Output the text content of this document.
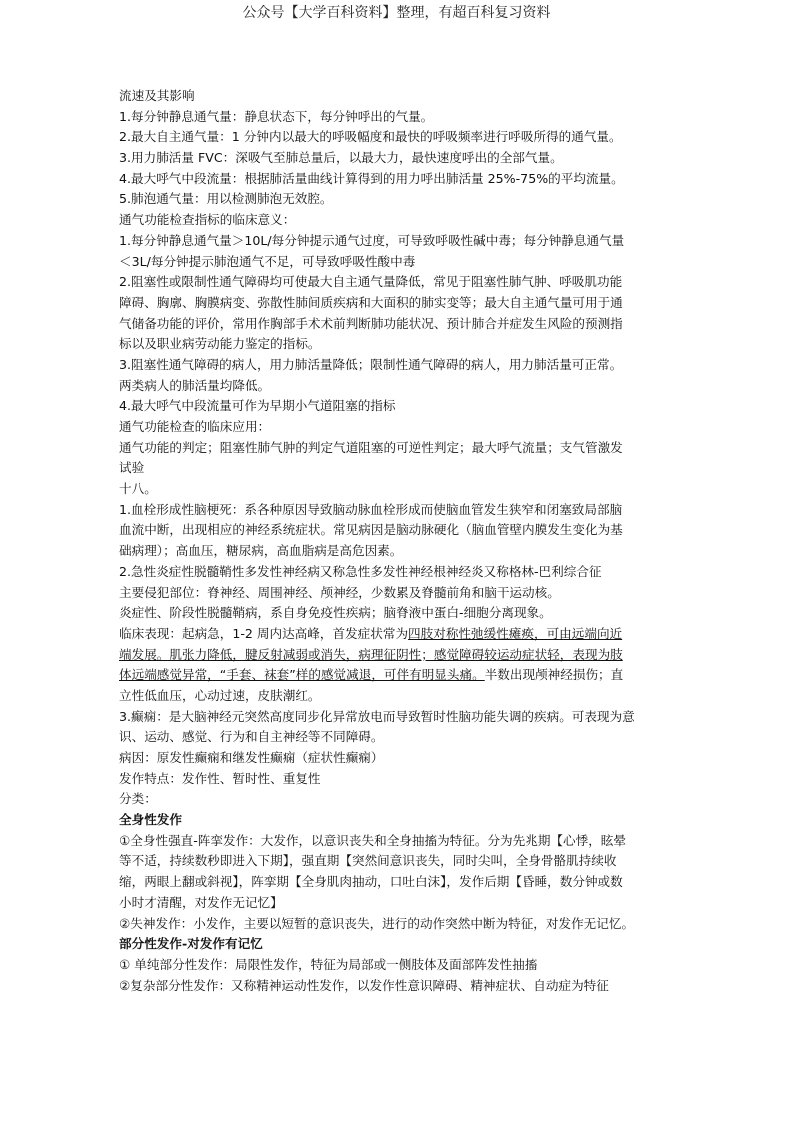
公众号【大学百科资料】整理，有超百科复习资料
流速及其影响
1.每分钟静息通气量：静息状态下，每分钟呼出的气量。
2.最大自主通气量：1 分钟内以最大的呼吸幅度和最快的呼吸频率进行呼吸所得的通气量。
3.用力肺活量 FVC：深吸气至肺总量后，以最大力，最快速度呼出的全部气量。
4.最大呼气中段流量：根据肺活量曲线计算得到的用力呼出肺活量 25%-75%的平均流量。
5.肺泡通气量：用以检测肺泡无效腔。
通气功能检查指标的临床意义：
1.每分钟静息通气量＞10L/每分钟提示通气过度，可导致呼吸性碱中毒；每分钟静息通气量
＜3L/每分钟提示肺泡通气不足，可导致呼吸性酸中毒
2.阻塞性或限制性通气障碍均可使最大自主通气量降低，常见于阻塞性肺气肿、呼吸肌功能
障碍、胸廓、胸膜病变、弥散性肺间质疾病和大面积的肺实变等；最大自主通气量可用于通
气储备功能的评价，常用作胸部手术术前判断肺功能状况、预计肺合并症发生风险的预测指
标以及职业病劳动能力鉴定的指标。
3.阻塞性通气障碍的病人，用力肺活量降低；限制性通气障碍的病人，用力肺活量可正常。
两类病人的肺活量均降低。
4.最大呼气中段流量可作为早期小气道阻塞的指标
通气功能检查的临床应用：
通气功能的判定；阻塞性肺气肿的判定气道阻塞的可逆性判定；最大呼气流量；支气管激发
试验
十八。
1.血栓形成性脑梗死：系各种原因导致脑动脉血栓形成而使脑血管发生狭窄和闭塞致局部脑
血流中断，出现相应的神经系统症状。常见病因是脑动脉硬化（脑血管壁内膜发生变化为基
础病理）；高血压，糖尿病，高血脂病是高危因素。
2.急性炎症性脱髓鞘性多发性神经病又称急性多发性神经根神经炎又称格林-巴利综合征
主要侵犯部位：脊神经、周围神经、颅神经，少数累及脊髓前角和脑干运动核。
炎症性、阶段性脱髓鞘病，系自身免疫性疾病；脑脊液中蛋白-细胞分离现象。
临床表现：起病急，1-2 周内达高峰，首发症状常为四肢对称性弛缓性瘫痪，可由远端向近
端发展。肌张力降低，腱反射减弱或消失，病理征阴性；感觉障碍较运动症状轻，表现为肢
体远端感觉异常，“手套、袜套”样的感觉减退，可伴有明显头痛。半数出现颅神经损伤；直
立性低血压，心动过速，皮肤潮红。
3.癫痫：是大脑神经元突然高度同步化异常放电而导致暂时性脑功能失调的疾病。可表现为意
识、运动、感觉、行为和自主神经等不同障碍。
病因：原发性癫痫和继发性癫痫（症状性癫痫）
发作特点：发作性、暂时性、重复性
分类：
全身性发作
①全身性强直-阵挛发作：大发作，以意识丧失和全身抽搐为特征。分为先兆期【心悸，眩晕
等不适，持续数秒即进入下期】，强直期【突然间意识丧失，同时尖叫，全身骨骼肌持续收
缩，两眼上翻或斜视】，阵挛期【全身肌肉抽动，口吐白沫】，发作后期【昏睡，数分钟或数
小时才清醒，对发作无记忆】
②失神发作：小发作，主要以短暂的意识丧失，进行的动作突然中断为特征，对发作无记忆。
部分性发作-对发作有记忆
① 单纯部分性发作：局限性发作，特征为局部或一侧肢体及面部阵发性抽搐
②复杂部分性发作：又称精神运动性发作，以发作性意识障碍、精神症状、自动症为特征
